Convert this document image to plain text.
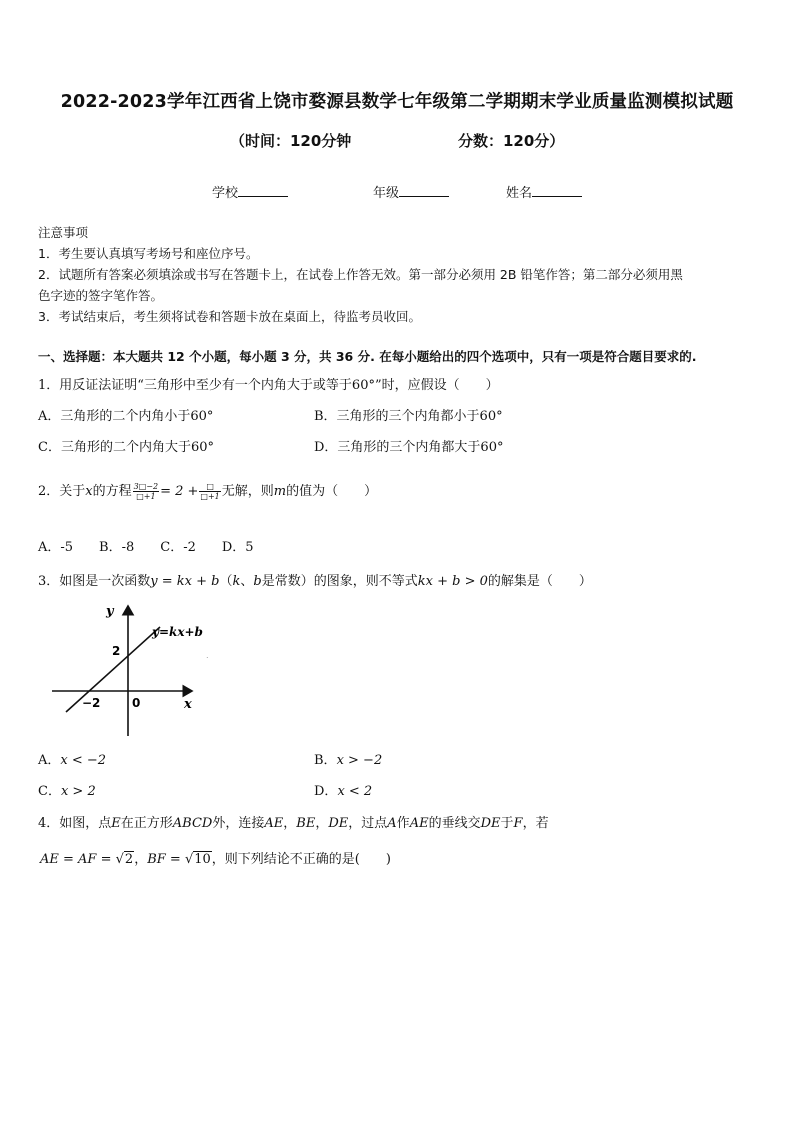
2022-2023学年江西省上饶市婺源县数学七年级第二学期期末学业质量监测模拟试题
（时间：120分钟	分数：120分）
学校	年级	姓名
注意事项
1．考生要认真填写考场号和座位序号。
2．试题所有答案必须填涂或书写在答题卡上，在试卷上作答无效。第一部分必须用 2B 铅笔作答；第二部分必须用黑
色字迹的签字笔作答。
3．考试结束后，考生须将试卷和答题卡放在桌面上，待监考员收回。
一、选择题：本大题共 12 个小题，每小题 3 分，共 36 分. 在每小题给出的四个选项中，只有一项是符合题目要求的.
1．用反证法证明“三角形中至少有一个内角大于或等于60°”时，应假设（　　）
A．三角形的二个内角小于60°	B．三角形的三个内角都小于60°
C．三角形的二个内角大于60°	D．三角形的三个内角都大于60°
2．关于x的方程 $\frac{3□-2}{□+1} = 2 + \frac{□}{□+1}$ 无解，则m的值为（　　）
A．-5　　B．-8　　C．-2　　D．5
3．如图是一次函数y = kx + b（k、b是常数）的图象，则不等式kx + b > 0的解集是（　　）
y
x
y=kx+b
2
−2	0
.
A．x < −2	B．x > −2
C．x > 2	D．x < 2
4．如图，点E在正方形ABCD外，连接AE，BE，DE，过点A作AE的垂线交DE于F，若
AE = AF = √2，BF = √10，则下列结论不正确的是(　　)
